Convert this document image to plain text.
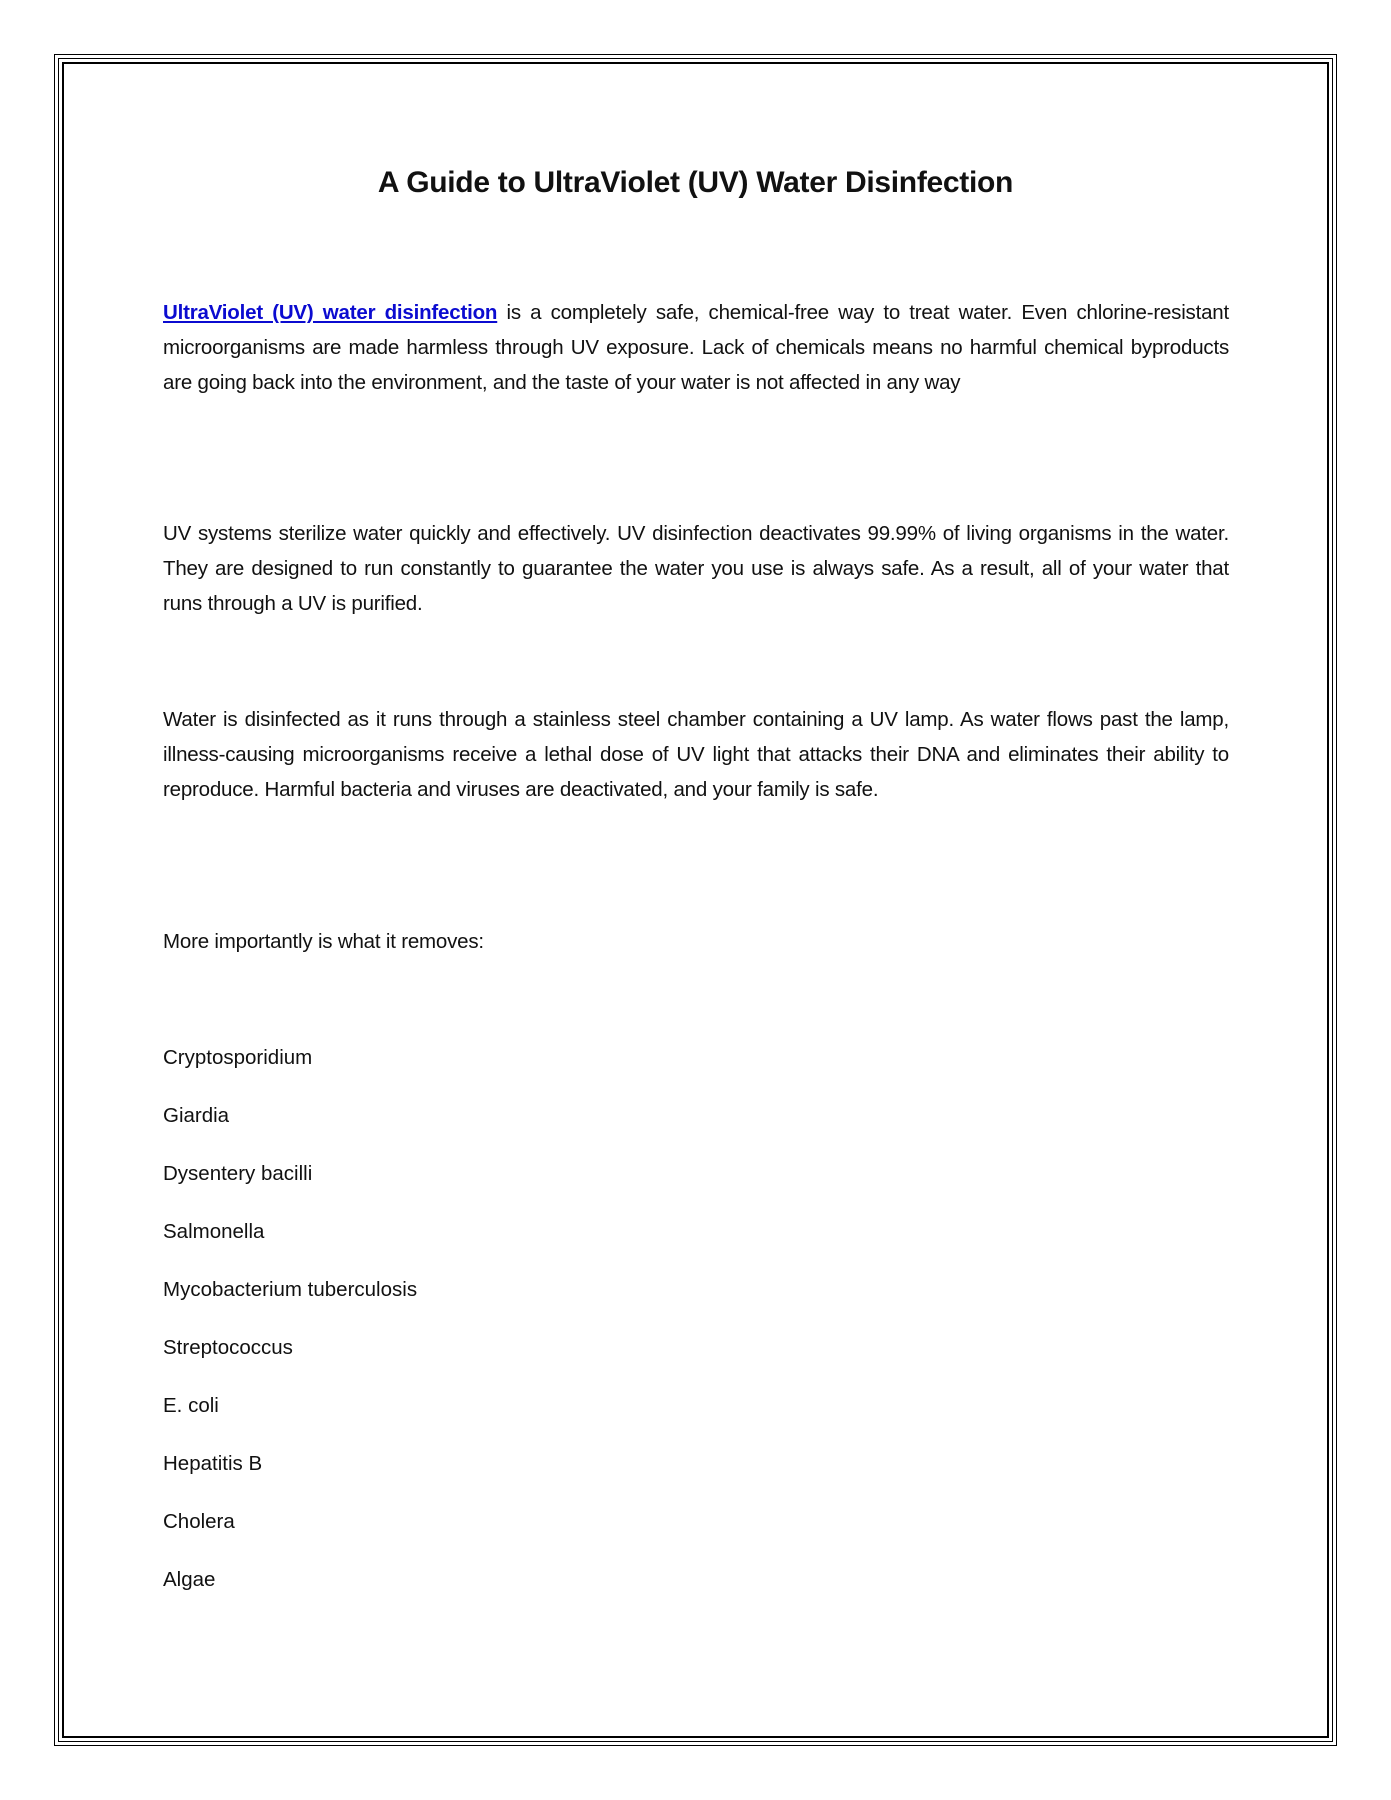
A Guide to UltraViolet (UV) Water Disinfection

UltraViolet (UV) water disinfection is a completely safe, chemical-free way to treat water. Even chlorine-resistant microorganisms are made harmless through UV exposure. Lack of chemicals means no harmful chemical byproducts are going back into the environment, and the taste of your water is not affected in any way

UV systems sterilize water quickly and effectively. UV disinfection deactivates 99.99% of living organisms in the water. They are designed to run constantly to guarantee the water you use is always safe. As a result, all of your water that runs through a UV is purified.

Water is disinfected as it runs through a stainless steel chamber containing a UV lamp. As water flows past the lamp, illness-causing microorganisms receive a lethal dose of UV light that attacks their DNA and eliminates their ability to reproduce. Harmful bacteria and viruses are deactivated, and your family is safe.

More importantly is what it removes:

Cryptosporidium
Giardia
Dysentery bacilli
Salmonella
Mycobacterium tuberculosis
Streptococcus
E. coli
Hepatitis B
Cholera
Algae
